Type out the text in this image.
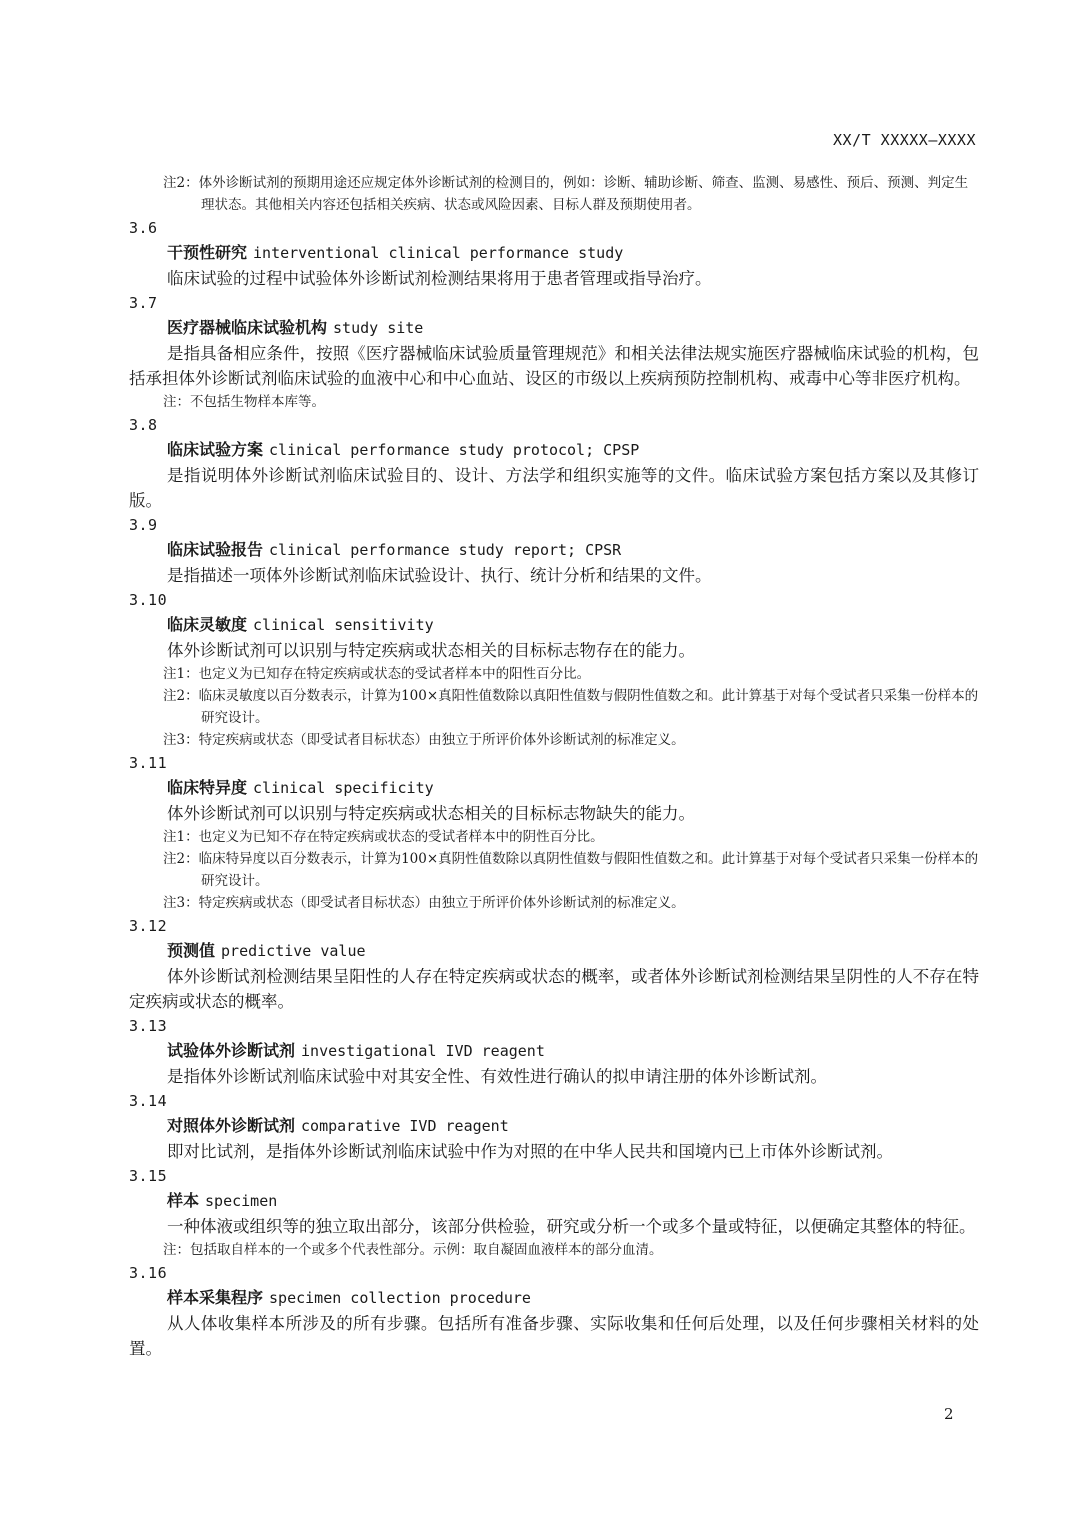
XX/T XXXXX—XXXX
注2：体外诊断试剂的预期用途还应规定体外诊断试剂的检测目的，例如：诊断、辅助诊断、筛查、监测、易感性、预后、预测、判定生理状态。其他相关内容还包括相关疾病、状态或风险因素、目标人群及预期使用者。
3.6
干预性研究 interventional clinical performance study
临床试验的过程中试验体外诊断试剂检测结果将用于患者管理或指导治疗。
3.7
医疗器械临床试验机构 study site
是指具备相应条件，按照《医疗器械临床试验质量管理规范》和相关法律法规实施医疗器械临床试验的机构，包括承担体外诊断试剂临床试验的血液中心和中心血站、设区的市级以上疾病预防控制机构、戒毒中心等非医疗机构。
注：不包括生物样本库等。
3.8
临床试验方案 clinical performance study protocol; CPSP
是指说明体外诊断试剂临床试验目的、设计、方法学和组织实施等的文件。临床试验方案包括方案以及其修订版。
3.9
临床试验报告 clinical performance study report; CPSR
是指描述一项体外诊断试剂临床试验设计、执行、统计分析和结果的文件。
3.10
临床灵敏度 clinical sensitivity
体外诊断试剂可以识别与特定疾病或状态相关的目标标志物存在的能力。
注1：也定义为已知存在特定疾病或状态的受试者样本中的阳性百分比。
注2：临床灵敏度以百分数表示，计算为100×真阳性值数除以真阳性值数与假阴性值数之和。此计算基于对每个受试者只采集一份样本的研究设计。
注3：特定疾病或状态（即受试者目标状态）由独立于所评价体外诊断试剂的标准定义。
3.11
临床特异度 clinical specificity
体外诊断试剂可以识别与特定疾病或状态相关的目标标志物缺失的能力。
注1：也定义为已知不存在特定疾病或状态的受试者样本中的阴性百分比。
注2：临床特异度以百分数表示，计算为100×真阴性值数除以真阴性值数与假阳性值数之和。此计算基于对每个受试者只采集一份样本的研究设计。
注3：特定疾病或状态（即受试者目标状态）由独立于所评价体外诊断试剂的标准定义。
3.12
预测值 predictive value
体外诊断试剂检测结果呈阳性的人存在特定疾病或状态的概率，或者体外诊断试剂检测结果呈阴性的人不存在特定疾病或状态的概率。
3.13
试验体外诊断试剂 investigational IVD reagent
是指体外诊断试剂临床试验中对其安全性、有效性进行确认的拟申请注册的体外诊断试剂。
3.14
对照体外诊断试剂 comparative IVD reagent
即对比试剂，是指体外诊断试剂临床试验中作为对照的在中华人民共和国境内已上市体外诊断试剂。
3.15
样本 specimen
一种体液或组织等的独立取出部分，该部分供检验，研究或分析一个或多个量或特征，以便确定其整体的特征。
注：包括取自样本的一个或多个代表性部分。示例：取自凝固血液样本的部分血清。
3.16
样本采集程序 specimen collection procedure
从人体收集样本所涉及的所有步骤。包括所有准备步骤、实际收集和任何后处理，以及任何步骤相关材料的处置。
2
